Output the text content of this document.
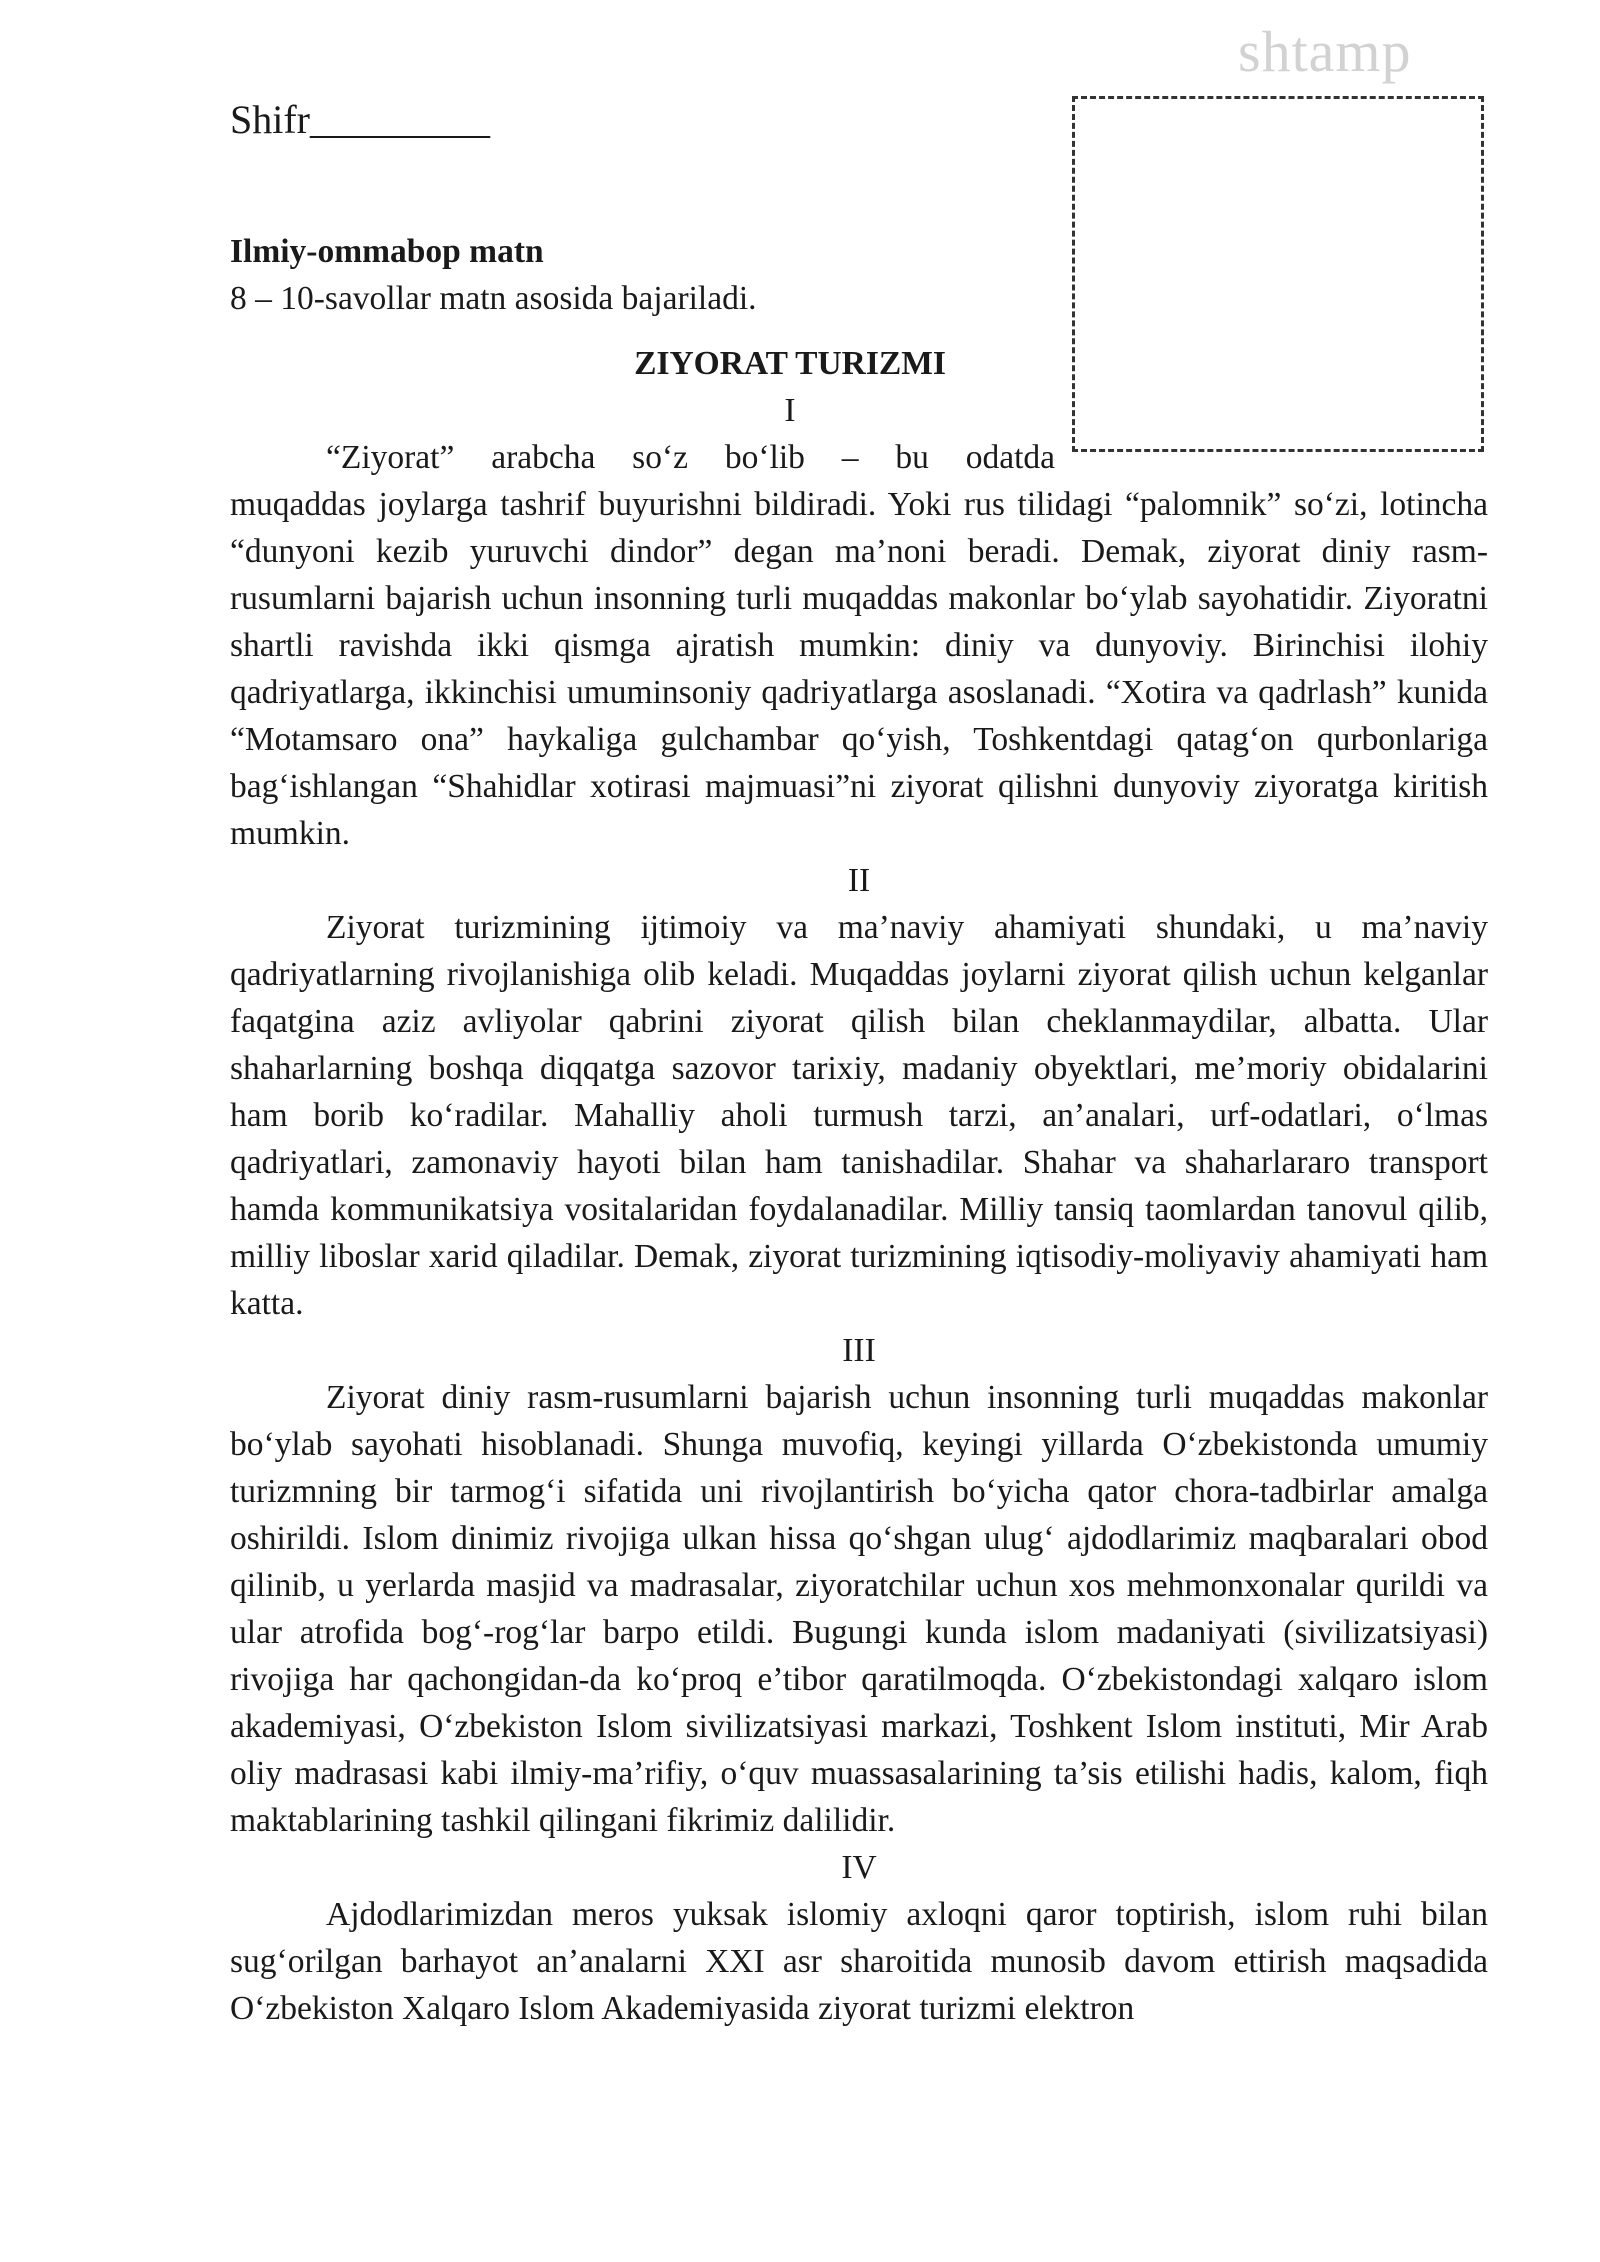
shtamp
Shifr_________

Ilmiy-ommabop matn

8 – 10-savollar matn asosida bajariladi.

ZIYORAT TURIZMI

I

“Ziyorat” arabcha so‘z bo‘lib – bu odatda

muqaddas joylarga tashrif buyurishni bildiradi. Yoki rus tilidagi “palomnik” so‘zi, lotincha “dunyoni kezib yuruvchi dindor” degan ma’noni beradi. Demak, ziyorat diniy rasm-rusumlarni bajarish uchun insonning turli muqaddas makonlar bo‘ylab sayohatidir. Ziyoratni shartli ravishda ikki qismga ajratish mumkin: diniy va dunyoviy. Birinchisi ilohiy qadriyatlarga, ikkinchisi umuminsoniy qadriyatlarga asoslanadi. “Xotira va qadrlash” kunida “Motamsaro ona” haykaliga gulchambar qo‘yish, Toshkentdagi qatag‘on qurbonlariga bag‘ishlangan “Shahidlar xotirasi majmuasi”ni ziyorat qilishni dunyoviy ziyoratga kiritish mumkin.

II

Ziyorat turizmining ijtimoiy va ma’naviy ahamiyati shundaki, u ma’naviy qadriyatlarning rivojlanishiga olib keladi. Muqaddas joylarni ziyorat qilish uchun kelganlar faqatgina aziz avliyolar qabrini ziyorat qilish bilan cheklanmaydilar, albatta. Ular shaharlarning boshqa diqqatga sazovor tarixiy, madaniy obyektlari, me’moriy obidalarini ham borib ko‘radilar. Mahalliy aholi turmush tarzi, an’analari, urf-odatlari, o‘lmas qadriyatlari, zamonaviy hayoti bilan ham tanishadilar. Shahar va shaharlararo transport hamda kommunikatsiya vositalaridan foydalanadilar. Milliy tansiq taomlardan tanovul qilib, milliy liboslar xarid qiladilar. Demak, ziyorat turizmining iqtisodiy-moliyaviy ahamiyati ham katta.

III

Ziyorat diniy rasm-rusumlarni bajarish uchun insonning turli muqaddas makonlar bo‘ylab sayohati hisoblanadi. Shunga muvofiq, keyingi yillarda O‘zbekistonda umumiy turizmning bir tarmog‘i sifatida uni rivojlantirish bo‘yicha qator chora-tadbirlar amalga oshirildi. Islom dinimiz rivojiga ulkan hissa qo‘shgan ulug‘ ajdodlarimiz maqbaralari obod qilinib, u yerlarda masjid va madrasalar, ziyoratchilar uchun xos mehmonxonalar qurildi va ular atrofida bog‘-rog‘lar barpo etildi. Bugungi kunda islom madaniyati (sivilizatsiyasi) rivojiga har qachongidan-da ko‘proq e’tibor qaratilmoqda. O‘zbekistondagi xalqaro islom akademiyasi, O‘zbekiston Islom sivilizatsiyasi markazi, Toshkent Islom instituti, Mir Arab oliy madrasasi kabi ilmiy-ma’rifiy, o‘quv muassasalarining ta’sis etilishi hadis, kalom, fiqh maktablarining tashkil qilingani fikrimiz dalilidir.

IV

Ajdodlarimizdan meros yuksak islomiy axloqni qaror toptirish, islom ruhi bilan sug‘orilgan barhayot an’analarni XXI asr sharoitida munosib davom ettirish maqsadida O‘zbekiston Xalqaro Islom Akademiyasida ziyorat turizmi elektron
